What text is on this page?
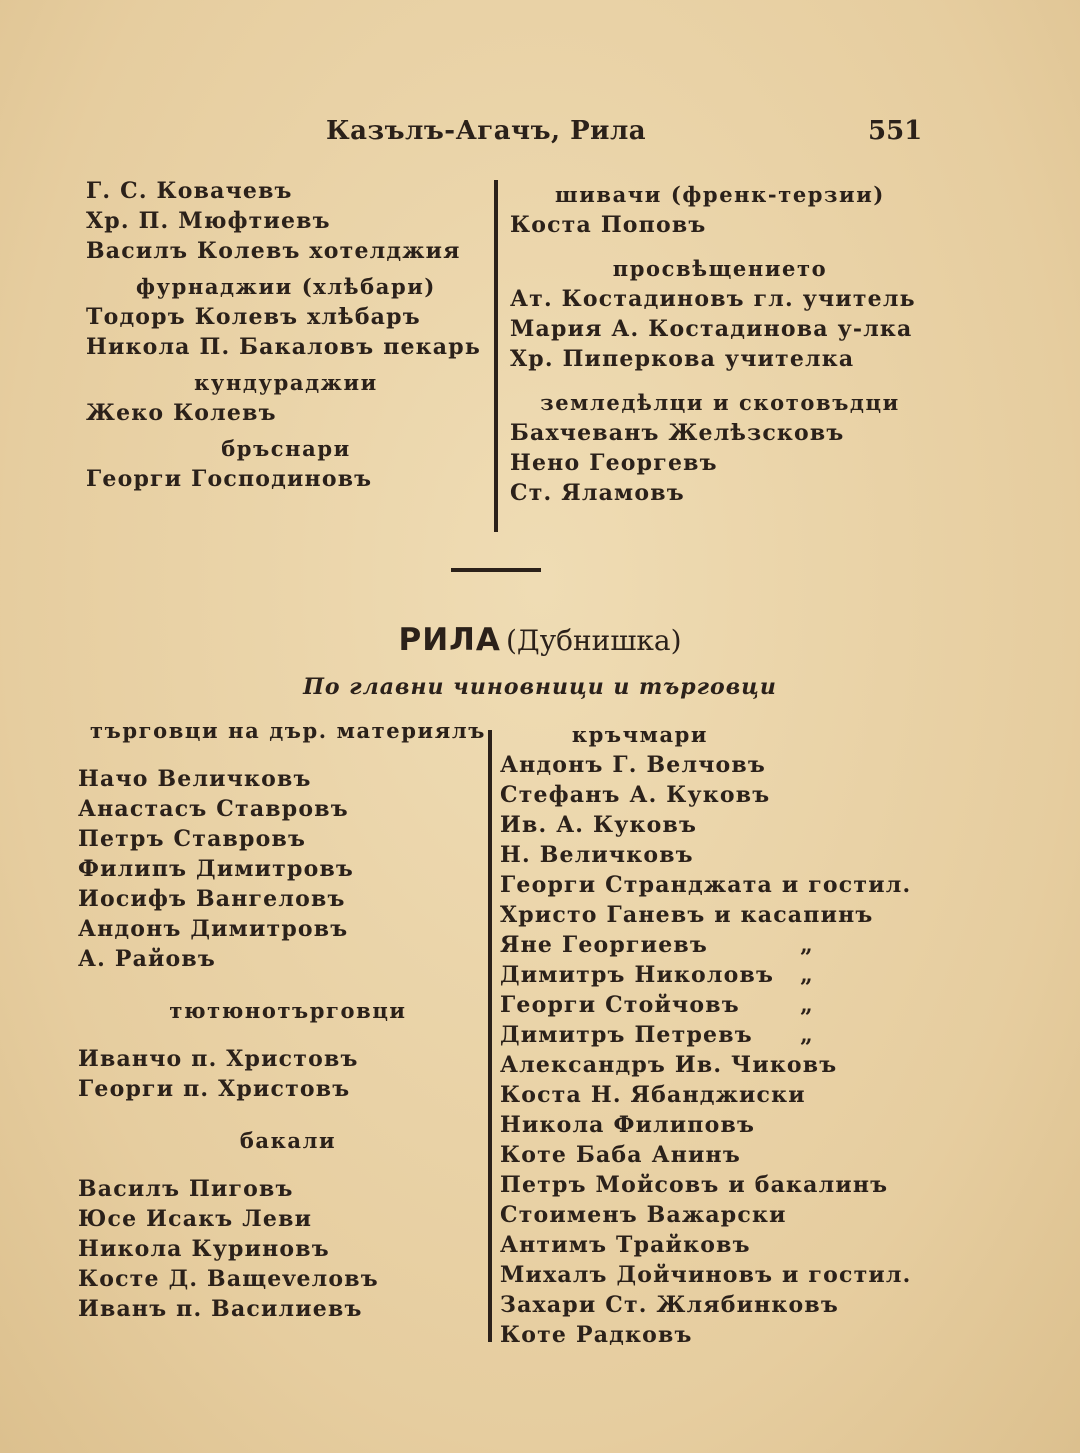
Казълъ-Агачъ, Рила	551
Г. С. Ковачевъ
Хр. П. Мюфтиевъ
Василъ Колевъ хотелджия
фурнаджии (хлѣбари)
Тодоръ Колевъ хлѣбаръ
Никола П. Бакаловъ пекарь
кундураджии
Жеко Колевъ
бръснари
Георги Господиновъ
шивачи (френк-терзии)
Коста Поповъ
просвѣщението
Ат. Костадиновъ гл. учитель
Мария А. Костадинова у-лка
Хр. Пиперкова учителка
земледѣлци и скотовъдци
Бахчеванъ Желѣзсковъ
Нено Георгевъ
Ст. Яламовъ
РИЛА (Дубнишка)
По главни чиновници и търговци
търговци на дър. материялъ
Начо Величковъ
Анастасъ Ставровъ
Петръ Ставровъ
Филипъ Димитровъ
Иосифъ Вангеловъ
Андонъ Димитровъ
А. Райовъ
тютюнотърговци
Иванчо п. Христовъ
Георги п. Христовъ
бакали
Василъ Пиговъ
Юсе Исакъ Леви
Никола Куриновъ
Косте Д. Ващеveловъ
Иванъ п. Василиевъ
кръчмари
Андонъ Г. Велчовъ
Стефанъ А. Куковъ
Ив. А. Куковъ
Н. Величковъ
Георги Странджата и гостил.
Христо Ганевъ и касапинъ
Яне Георгиевъ	„
Димитръ Николовъ „
Георги Стойчовъ	„
Димитръ Петревъ „
Александръ Ив. Чиковъ
Коста Н. Ябанджиски
Никола Филиповъ
Коте Баба Анинъ
Петръ Мойсовъ и бакалинъ
Стоименъ Важарски
Антимъ Трайковъ
Михалъ Дойчиновъ и гостил.
Захари Ст. Жлябинковъ
Коте Радковъ
